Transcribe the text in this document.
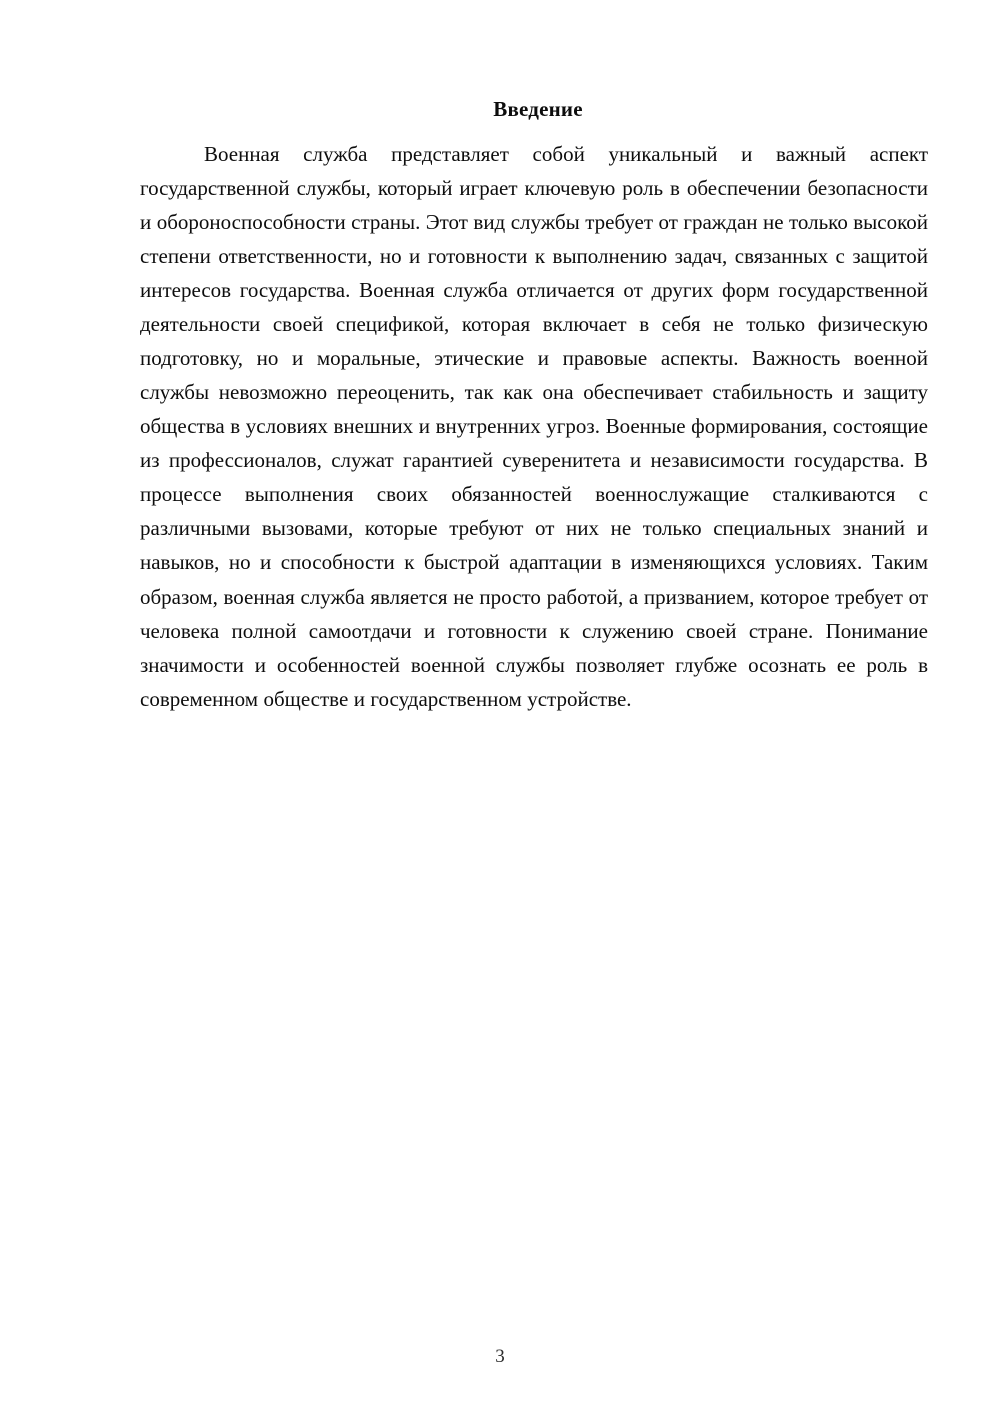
Введение

Военная служба представляет собой уникальный и важный аспект государственной службы, который играет ключевую роль в обеспечении безопасности и обороноспособности страны. Этот вид службы требует от граждан не только высокой степени ответственности, но и готовности к выполнению задач, связанных с защитой интересов государства. Военная служба отличается от других форм государственной деятельности своей спецификой, которая включает в себя не только физическую подготовку, но и моральные, этические и правовые аспекты. Важность военной службы невозможно переоценить, так как она обеспечивает стабильность и защиту общества в условиях внешних и внутренних угроз. Военные формирования, состоящие из профессионалов, служат гарантией суверенитета и независимости государства. В процессе выполнения своих обязанностей военнослужащие сталкиваются с различными вызовами, которые требуют от них не только специальных знаний и навыков, но и способности к быстрой адаптации в изменяющихся условиях. Таким образом, военная служба является не просто работой, а призванием, которое требует от человека полной самоотдачи и готовности к служению своей стране. Понимание значимости и особенностей военной службы позволяет глубже осознать ее роль в современном обществе и государственном устройстве.

3
